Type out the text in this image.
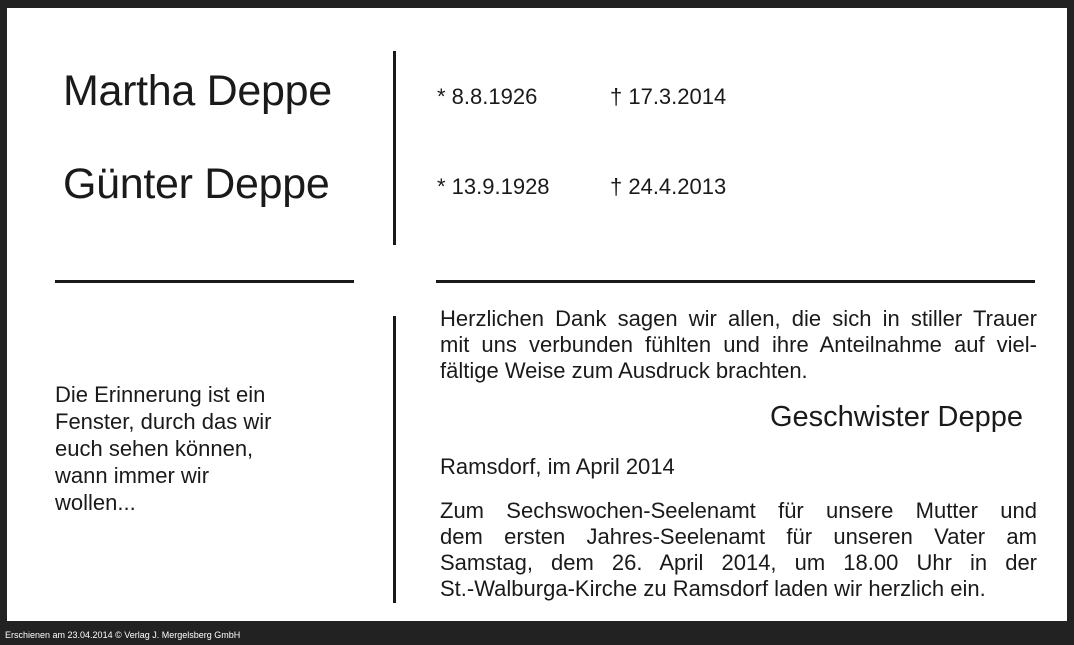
Martha Deppe
Günter Deppe
* 8.8.1926	† 17.3.2014
* 13.9.1928	† 24.4.2013
Die Erinnerung ist ein
Fenster, durch das wir
euch sehen können,
wann immer wir
wollen...
Herzlichen Dank sagen wir allen, die sich in stiller Trauer
mit uns verbunden fühlten und ihre Anteilnahme auf viel-
fältige Weise zum Ausdruck brachten.
Geschwister Deppe
Ramsdorf, im April 2014
Zum Sechswochen-Seelenamt für unsere Mutter und
dem ersten Jahres-Seelenamt für unseren Vater am
Samstag, dem 26. April 2014, um 18.00 Uhr in der
St.-Walburga-Kirche zu Ramsdorf laden wir herzlich ein.
Erschienen am 23.04.2014 © Verlag J. Mergelsberg GmbH
